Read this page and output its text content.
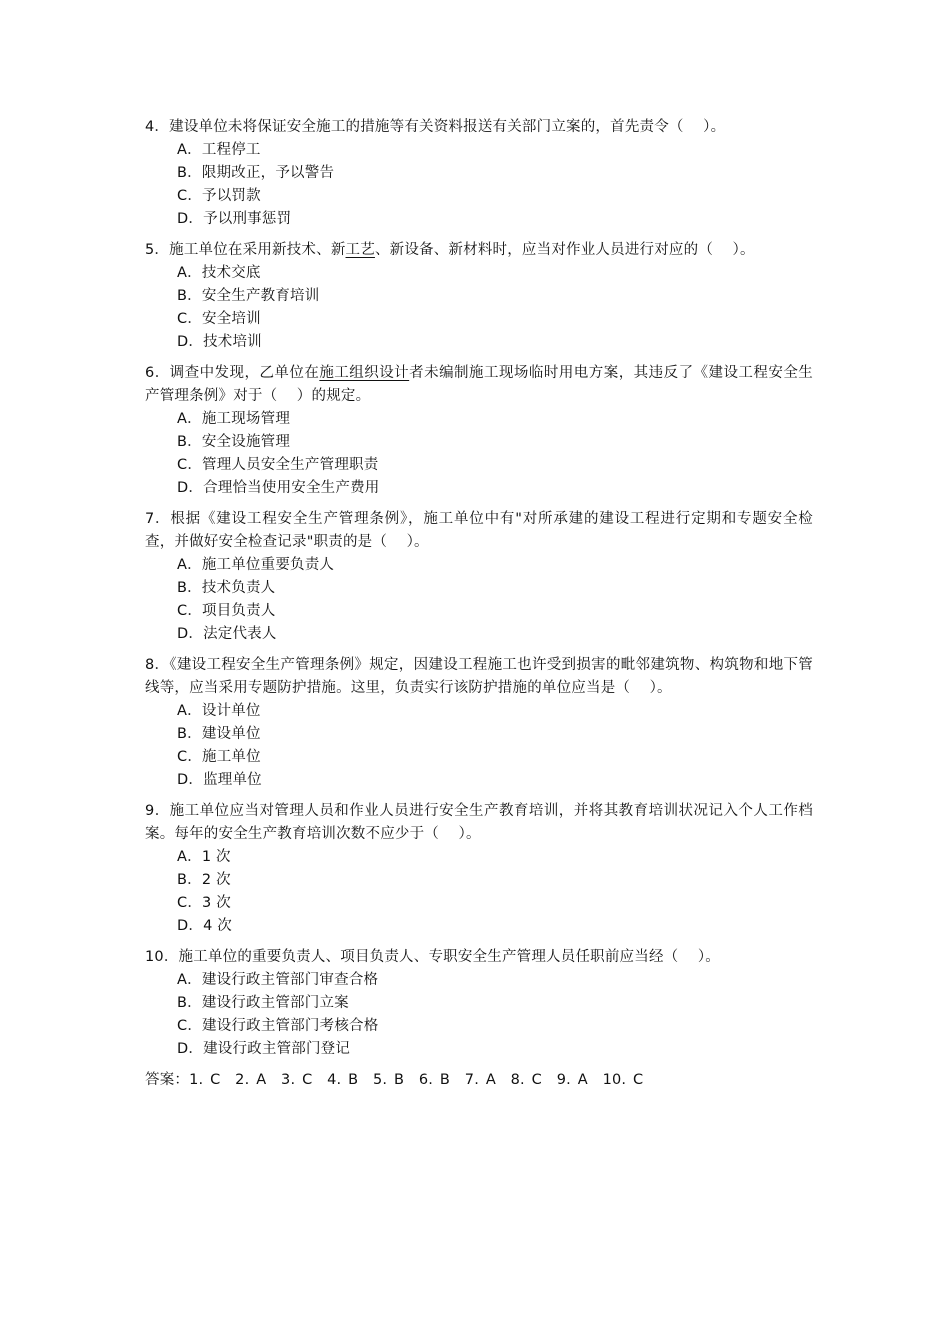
4．建设单位未将保证安全施工的措施等有关资料报送有关部门立案的，首先责令（　 ）。
A．工程停工
B．限期改正，予以警告
C．予以罚款
D．予以刑事惩罚
5．施工单位在采用新技术、新工艺、新设备、新材料时，应当对作业人员进行对应的（　 ）。
A．技术交底
B．安全生产教育培训
C．安全培训
D．技术培训
6．调查中发现，乙单位在施工组织设计者未编制施工现场临时用电方案，其违反了《建设工程安全生产管理条例》对于（　 ）的规定。
A．施工现场管理
B．安全设施管理
C．管理人员安全生产管理职责
D．合理恰当使用安全生产费用
7．根据《建设工程安全生产管理条例》，施工单位中有"对所承建的建设工程进行定期和专题安全检查，并做好安全检查记录"职责的是（　 ）。
A．施工单位重要负责人
B．技术负责人
C．项目负责人
D．法定代表人
8．《建设工程安全生产管理条例》规定，因建设工程施工也许受到损害的毗邻建筑物、构筑物和地下管线等，应当采用专题防护措施。这里，负责实行该防护措施的单位应当是（　 ）。
A．设计单位
B．建设单位
C．施工单位
D．监理单位
9．施工单位应当对管理人员和作业人员进行安全生产教育培训，并将其教育培训状况记入个人工作档案。每年的安全生产教育培训次数不应少于（　 ）。
A．1 次
B．2 次
C．3 次
D．4 次
10．施工单位的重要负责人、项目负责人、专职安全生产管理人员任职前应当经（　 ）。
A．建设行政主管部门审查合格
B．建设行政主管部门立案
C．建设行政主管部门考核合格
D．建设行政主管部门登记
答案：1. C　2. A　3. C　4. B　5. B　6. B　7. A　8. C　9. A　10. C
